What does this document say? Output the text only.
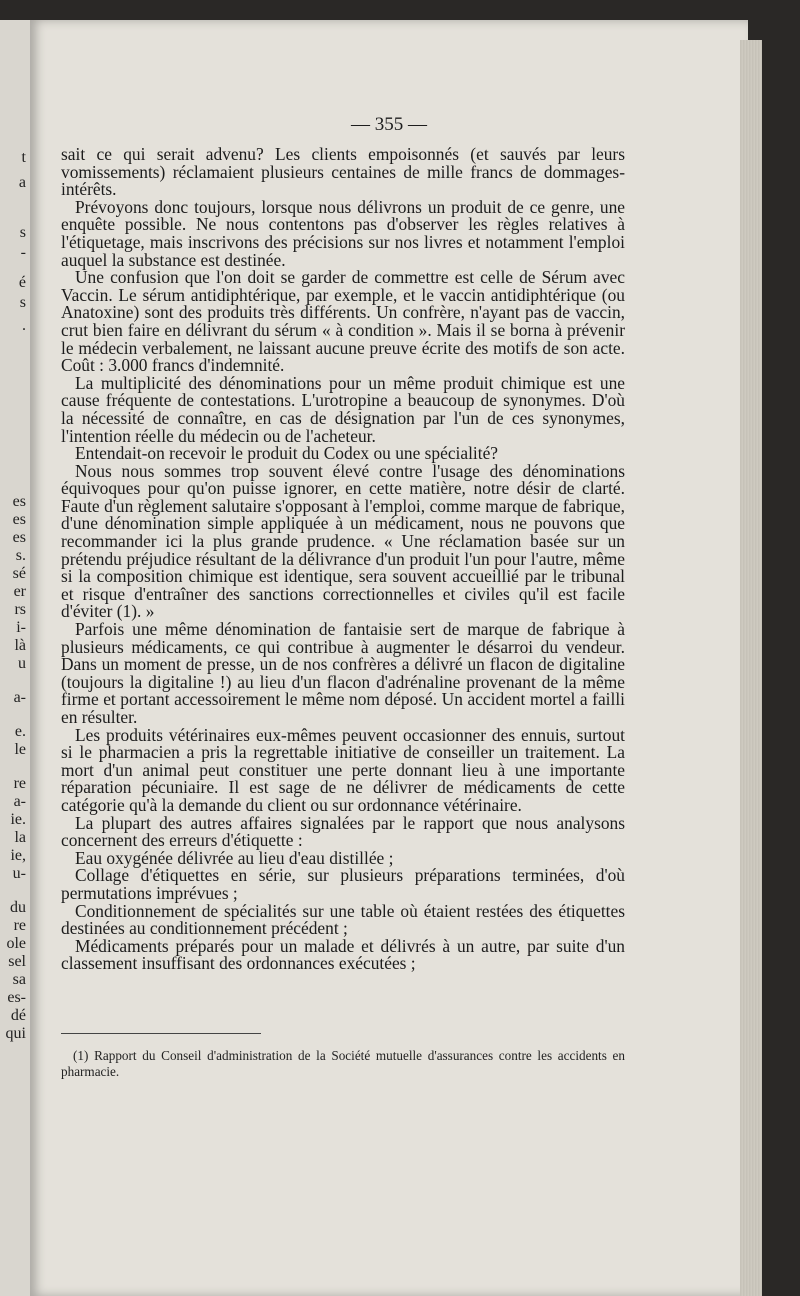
t
a
s
-
é
s
.
es
es
es
s.
sé
er
rs
i-
là
u
a-
e.
le
re
a-
ie.
la
ie,
u-
du
re
ole
sel
sa
es-
dé
qui
— 355 —

sait ce qui serait advenu? Les clients empoisonnés (et sauvés par leurs vomissements) réclamaient plusieurs centaines de mille francs de dommages-intérêts.

Prévoyons donc toujours, lorsque nous délivrons un produit de ce genre, une enquête possible. Ne nous contentons pas d'observer les règles relatives à l'étiquetage, mais inscrivons des précisions sur nos livres et notamment l'emploi auquel la substance est destinée.

Une confusion que l'on doit se garder de commettre est celle de Sérum avec Vaccin. Le sérum antidiphtérique, par exemple, et le vaccin antidiphtérique (ou Anatoxine) sont des produits très différents. Un confrère, n'ayant pas de vaccin, crut bien faire en délivrant du sérum « à condition ». Mais il se borna à prévenir le médecin verbalement, ne laissant aucune preuve écrite des motifs de son acte. Coût : 3.000 francs d'indemnité.

La multiplicité des dénominations pour un même produit chimique est une cause fréquente de contestations. L'urotropine a beaucoup de synonymes. D'où la nécessité de connaître, en cas de désignation par l'un de ces synonymes, l'intention réelle du médecin ou de l'acheteur.

Entendait-on recevoir le produit du Codex ou une spécialité?

Nous nous sommes trop souvent élevé contre l'usage des dénominations équivoques pour qu'on puisse ignorer, en cette matière, notre désir de clarté. Faute d'un règlement salutaire s'opposant à l'emploi, comme marque de fabrique, d'une dénomination simple appliquée à un médicament, nous ne pouvons que recommander ici la plus grande prudence. « Une réclamation basée sur un prétendu préjudice résultant de la délivrance d'un produit l'un pour l'autre, même si la composition chimique est identique, sera souvent accueillié par le tribunal et risque d'entraîner des sanctions correctionnelles et civiles qu'il est facile d'éviter (1). »

Parfois une même dénomination de fantaisie sert de marque de fabrique à plusieurs médicaments, ce qui contribue à augmenter le désarroi du vendeur. Dans un moment de presse, un de nos confrères a délivré un flacon de digitaline (toujours la digitaline !) au lieu d'un flacon d'adrénaline provenant de la même firme et portant accessoirement le même nom déposé. Un accident mortel a failli en résulter.

Les produits vétérinaires eux-mêmes peuvent occasionner des ennuis, surtout si le pharmacien a pris la regrettable initiative de conseiller un traitement. La mort d'un animal peut constituer une perte donnant lieu à une importante réparation pécuniaire. Il est sage de ne délivrer de médicaments de cette catégorie qu'à la demande du client ou sur ordonnance vétérinaire.

La plupart des autres affaires signalées par le rapport que nous analysons concernent des erreurs d'étiquette :

Eau oxygénée délivrée au lieu d'eau distillée ;

Collage d'étiquettes en série, sur plusieurs préparations terminées, d'où permutations imprévues ;

Conditionnement de spécialités sur une table où étaient restées des étiquettes destinées au conditionnement précédent ;

Médicaments préparés pour un malade et délivrés à un autre, par suite d'un classement insuffisant des ordonnances exécutées ;

(1) Rapport du Conseil d'administration de la Société mutuelle d'assurances contre les accidents en pharmacie.
